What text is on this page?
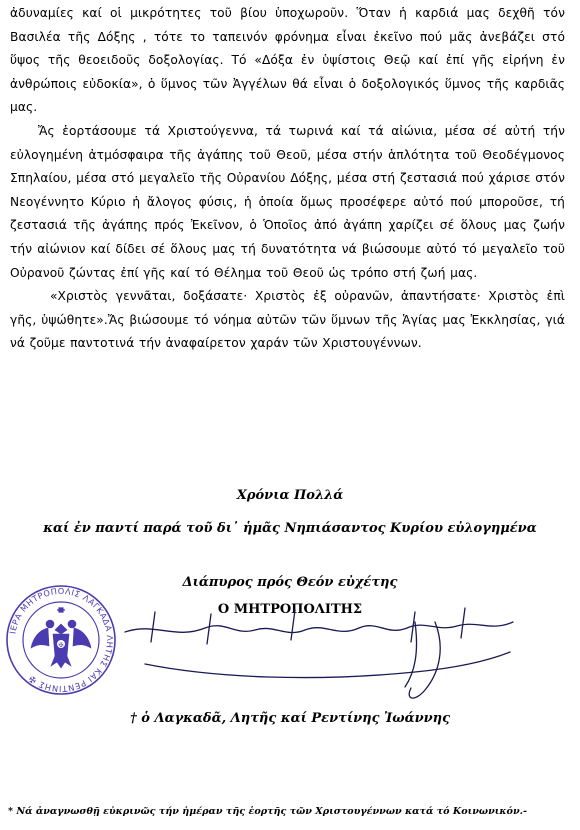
ἀδυναμίες καί οἱ μικρότητες τοῦ βίου ὑποχωροῦν. Ὅταν ἡ καρδιά μας δεχθῆ τόν Βασιλέα τῆς Δόξης , τότε το ταπεινόν φρόνημα εἶναι ἐκεῖνο πού μᾶς ἀνεβάζει στό ὕψος τῆς θεοειδοῦς δοξολογίας. Τό «Δόξα ἐν ὑψίστοις Θεῷ καί ἐπί γῆς εἰρήνη ἐν ἀνθρώποις εὐδοκία», ὁ ὕμνος τῶν Ἀγγέλων θά εἶναι ὁ δοξολογικός ὕμνος τῆς καρδιᾶς μας.

Ἄς ἑορτάσουμε τά Χριστούγεννα, τά τωρινά καί τά αἰώνια, μέσα σέ αὐτή τήν εὐλογημένη ἀτμόσφαιρα τῆς ἀγάπης τοῦ Θεοῦ, μέσα στήν ἁπλότητα τοῦ Θεοδέγμονος Σπηλαίου, μέσα στό μεγαλεῖο τῆς Οὐρανίου Δόξης, μέσα στή ζεστασιά πού χάρισε στόν Νεογέννητο Κύριο ἡ ἄλογος φύσις, ἡ ὁποία ὅμως προσέφερε αὐτό πού μποροῦσε, τή ζεστασιά τῆς ἀγάπης πρός Ἐκεῖνον, ὁ Ὁποῖος ἀπό ἀγάπη χαρίζει σέ ὅλους μας ζωήν τήν αἰώνιον καί δίδει σέ ὅλους μας τή δυνατότητα νά βιώσουμε αὐτό τό μεγαλεῖο τοῦ Οὐρανοῦ ζώντας ἐπί γῆς καί τό Θέλημα τοῦ Θεοῦ ὡς τρόπο στή ζωή μας.

«Χριστὸς γεννᾶται, δοξάσατε· Χριστὸς ἐξ οὐρανῶν, ἀπαντήσατε· Χριστὸς ἐπὶ γῆς, ὑψώθητε».Ἄς βιώσουμε τό νόημα αὐτῶν τῶν ὕμνων τῆς Ἁγίας μας Ἐκκλησίας, γιά νά ζοῦμε παντοτινά τήν ἀναφαίρετον χαράν τῶν Χριστουγέννων.

Χρόνια Πολλά
καί ἐν παντί παρά τοῦ δι᾽ ἡμᾶς Νηπιάσαντος Κυρίου εὐλογημένα
Διάπυρος πρός Θεόν εὐχέτης
Ο ΜΗΤΡΟΠΟΛΙΤΗΣ
ΙΕΡΑ ΜΗΤΡΟΠΟΛΙΣ ΛΑΓΚΑΔΑ ΛΗΤΗΣ ΚΑΙ ΡΕΝΤΙΝΗΣ ✠
✠
† ὁ Λαγκαδᾶ, Λητῆς καί Ρεντίνης Ἰωάννης
* Νά ἀναγνωσθῇ εὐκρινῶς τήν ἡμέραν τῆς ἑορτῆς τῶν Χριστουγέννων κατά τό Κοινωνικόν.-
